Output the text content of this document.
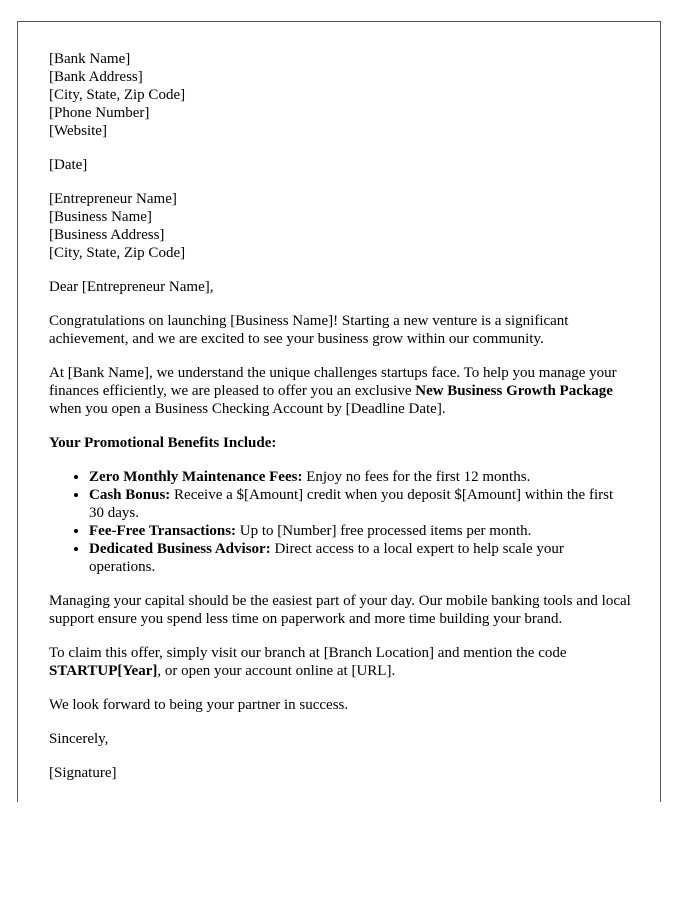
[Bank Name]
[Bank Address]
[City, State, Zip Code]
[Phone Number]
[Website]

[Date]

[Entrepreneur Name]
[Business Name]
[Business Address]
[City, State, Zip Code]

Dear [Entrepreneur Name],

Congratulations on launching [Business Name]! Starting a new venture is a significant achievement, and we are excited to see your business grow within our community.

At [Bank Name], we understand the unique challenges startups face. To help you manage your finances efficiently, we are pleased to offer you an exclusive New Business Growth Package when you open a Business Checking Account by [Deadline Date].

Your Promotional Benefits Include:

• Zero Monthly Maintenance Fees: Enjoy no fees for the first 12 months.
• Cash Bonus: Receive a $[Amount] credit when you deposit $[Amount] within the first 30 days.
• Fee-Free Transactions: Up to [Number] free processed items per month.
• Dedicated Business Advisor: Direct access to a local expert to help scale your operations.

Managing your capital should be the easiest part of your day. Our mobile banking tools and local support ensure you spend less time on paperwork and more time building your brand.

To claim this offer, simply visit our branch at [Branch Location] and mention the code STARTUP[Year], or open your account online at [URL].

We look forward to being your partner in success.

Sincerely,

[Signature]
